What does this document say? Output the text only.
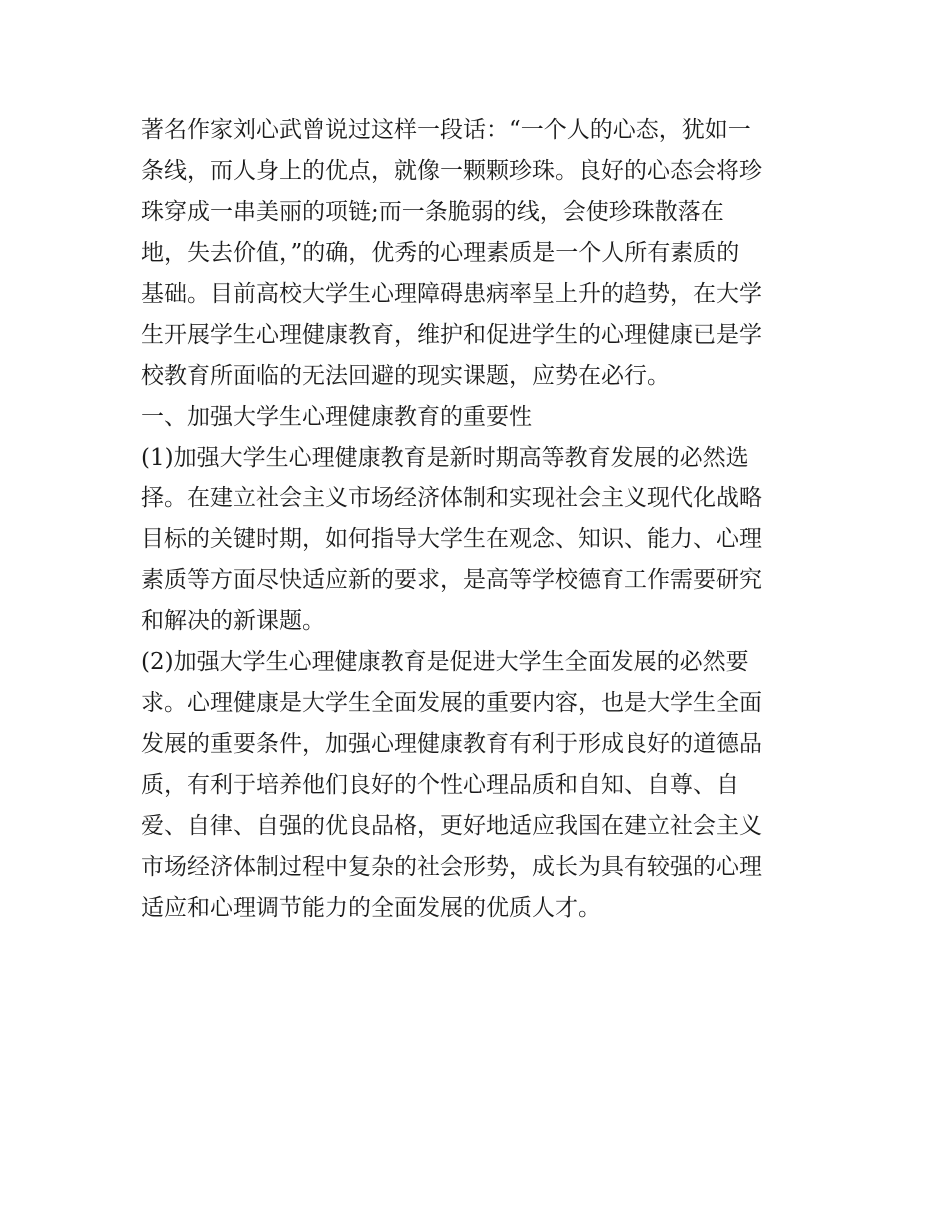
著名作家刘心武曾说过这样一段话：“一个人的心态，犹如一
条线，而人身上的优点，就像一颗颗珍珠。良好的心态会将珍
珠穿成一串美丽的项链;而一条脆弱的线，会使珍珠散落在
地，失去价值，”的确，优秀的心理素质是一个人所有素质的
基础。目前高校大学生心理障碍患病率呈上升的趋势，在大学
生开展学生心理健康教育，维护和促进学生的心理健康已是学
校教育所面临的无法回避的现实课题，应势在必行。
一、加强大学生心理健康教育的重要性
(1)加强大学生心理健康教育是新时期高等教育发展的必然选
择。在建立社会主义市场经济体制和实现社会主义现代化战略
目标的关键时期，如何指导大学生在观念、知识、能力、心理
素质等方面尽快适应新的要求，是高等学校德育工作需要研究
和解决的新课题。
(2)加强大学生心理健康教育是促进大学生全面发展的必然要
求。心理健康是大学生全面发展的重要内容，也是大学生全面
发展的重要条件，加强心理健康教育有利于形成良好的道德品
质，有利于培养他们良好的个性心理品质和自知、自尊、自
爱、自律、自强的优良品格，更好地适应我国在建立社会主义
市场经济体制过程中复杂的社会形势，成长为具有较强的心理
适应和心理调节能力的全面发展的优质人才。
